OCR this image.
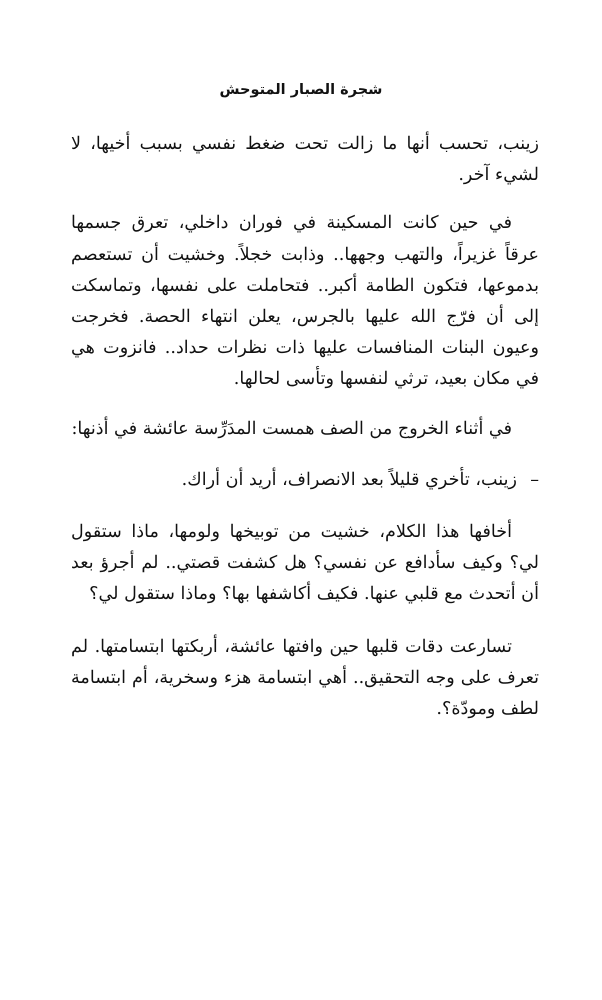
شجرة الصبار المتوحش

زينب، تحسب أنها ما زالت تحت ضغط نفسي بسبب أخيها، لا لشيء آخر.

في حين كانت المسكينة في فوران داخلي، تعرق جسمها عرقاً غزيراً، والتهب وجهها.. وذابت خجلاً. وخشيت أن تستعصم بدموعها، فتكون الطامة أكبر.. فتحاملت على نفسها، وتماسكت إلى أن فرّج الله عليها بالجرس، يعلن انتهاء الحصة. فخرجت وعيون البنات المنافسات عليها ذات نظرات حداد.. فانزوت هي في مكان بعيد، ترثي لنفسها وتأسى لحالها.

في أثناء الخروج من الصف همست المدَرِّسة عائشة في أذنها:

–زينب، تأخري قليلاً بعد الانصراف، أريد أن أراك.

أخافها هذا الكلام، خشيت من توبيخها ولومها، ماذا ستقول لي؟ وكيف سأدافع عن نفسي؟ هل كشفت قصتي.. لم أجرؤ بعد أن أتحدث مع قلبي عنها. فكيف أكاشفها بها؟ وماذا ستقول لي؟

تسارعت دقات قلبها حين وافتها عائشة، أربكتها ابتسامتها. لم تعرف على وجه التحقيق.. أهي ابتسامة هزء وسخرية، أم ابتسامة لطف ومودّة؟.
